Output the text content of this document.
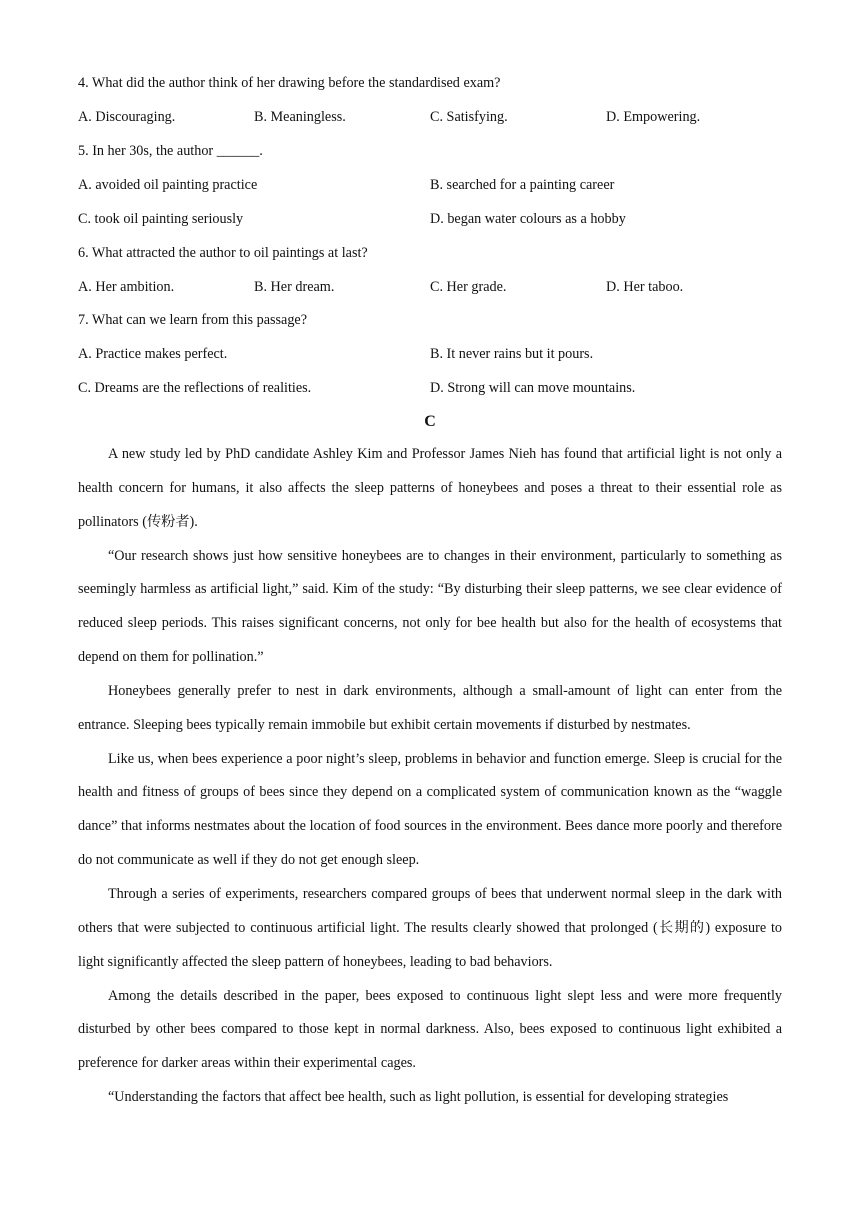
4. What did the author think of her drawing before the standardised exam?
A. Discouraging.	B. Meaningless.	C. Satisfying.	D. Empowering.
5. In her 30s, the author ______.
A. avoided oil painting practice	B. searched for a painting career
C. took oil painting seriously	D. began water colours as a hobby
6. What attracted the author to oil paintings at last?
A. Her ambition.	B. Her dream.	C. Her grade.	D. Her taboo.
7. What can we learn from this passage?
A. Practice makes perfect.	B. It never rains but it pours.
C. Dreams are the reflections of realities.	D. Strong will can move mountains.
C

A new study led by PhD candidate Ashley Kim and Professor James Nieh has found that artificial light is not only a health concern for humans, it also affects the sleep patterns of honeybees and poses a threat to their essential role as pollinators (传粉者).

“Our research shows just how sensitive honeybees are to changes in their environment, particularly to something as seemingly harmless as artificial light,” said. Kim of the study: “By disturbing their sleep patterns, we see clear evidence of reduced sleep periods. This raises significant concerns, not only for bee health but also for the health of ecosystems that depend on them for pollination.”

Honeybees generally prefer to nest in dark environments, although a small-amount of light can enter from the entrance. Sleeping bees typically remain immobile but exhibit certain movements if disturbed by nestmates.

Like us, when bees experience a poor night’s sleep, problems in behavior and function emerge. Sleep is crucial for the health and fitness of groups of bees since they depend on a complicated system of communication known as the “waggle dance” that informs nestmates about the location of food sources in the environment. Bees dance more poorly and therefore do not communicate as well if they do not get enough sleep.

Through a series of experiments, researchers compared groups of bees that underwent normal sleep in the dark with others that were subjected to continuous artificial light. The results clearly showed that prolonged (长期的) exposure to light significantly affected the sleep pattern of honeybees, leading to bad behaviors.

Among the details described in the paper, bees exposed to continuous light slept less and were more frequently disturbed by other bees compared to those kept in normal darkness. Also, bees exposed to continuous light exhibited a preference for darker areas within their experimental cages.

“Understanding the factors that affect bee health, such as light pollution, is essential for developing strategies
